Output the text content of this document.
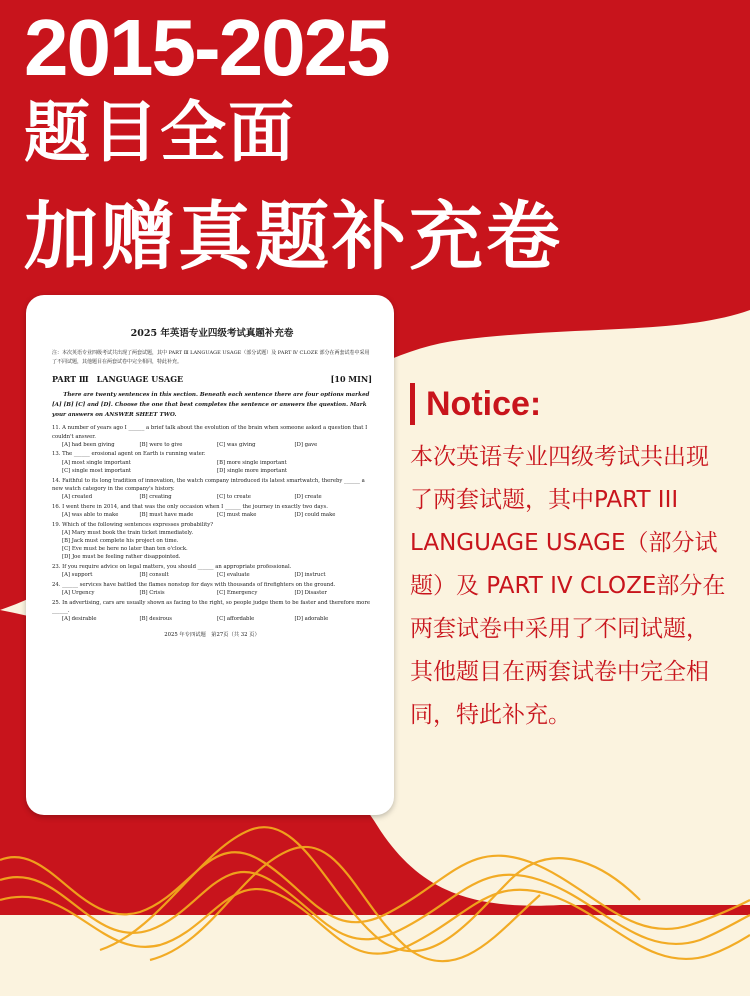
2015-2025
题目全面
加赠真题补充卷
2025 年英语专业四级考试真题补充卷
注：本次英语专业四级考试共出现了两套试题，其中 PART Ⅲ LANGUAGE USAGE（部分试题）及 PART Ⅳ CLOZE 部分在两套试卷中采用了不同试题，其他题目在两套试卷中完全相同，特此补充。
PART Ⅲ　LANGUAGE USAGE	[10 MIN]
There are twenty sentences in this section. Beneath each sentence there are four options marked [A] [B] [C] and [D]. Choose the one that best completes the sentence or answers the question. Mark your answers on ANSWER SHEET TWO.
11. A number of years ago I ______ a brief talk about the evolution of the brain when someone asked a question that I couldn't answer.
[A] had been giving	[B] were to give	[C] was giving	[D] gave
13. The ______ erosional agent on Earth is running water.
[A] most single important	[B] more single important
[C] single most important	[D] single more important
14. Faithful to its long tradition of innovation, the watch company introduced its latest smartwatch, thereby ______ a new watch category in the company's history.
[A] created	[B] creating	[C] to create	[D] create
16. I went there in 2014, and that was the only occasion when I ______ the journey in exactly two days.
[A] was able to make	[B] must have made	[C] must make	[D] could make
19. Which of the following sentences expresses probability?
[A] Mary must book the train ticket immediately.
[B] Jack must complete his project on time.
[C] Eve must be here no later than ten o'clock.
[D] Joe must be feeling rather disappointed.
23. If you require advice on legal matters, you should ______ an appropriate professional.
[A] support	[B] consult	[C] evaluate	[D] instruct
24. ______ services have battled the flames nonstop for days with thousands of firefighters on the ground.
[A] Urgency	[B] Crisis	[C] Emergency	[D] Disaster
25. In advertising, cars are usually shown as facing to the right, so people judge them to be faster and therefore more ______.
[A] desirable	[B] desirous	[C] affordable	[D] adorable
2025 年专四试题　第27页（共 32 页）
Notice:
本次英语专业四级考试共出现
了两套试题，其中PART III
LANGUAGE USAGE（部分试
题）及 PART IV CLOZE部分在
两套试卷中采用了不同试题，
其他题目在两套试卷中完全相
同，特此补充。
